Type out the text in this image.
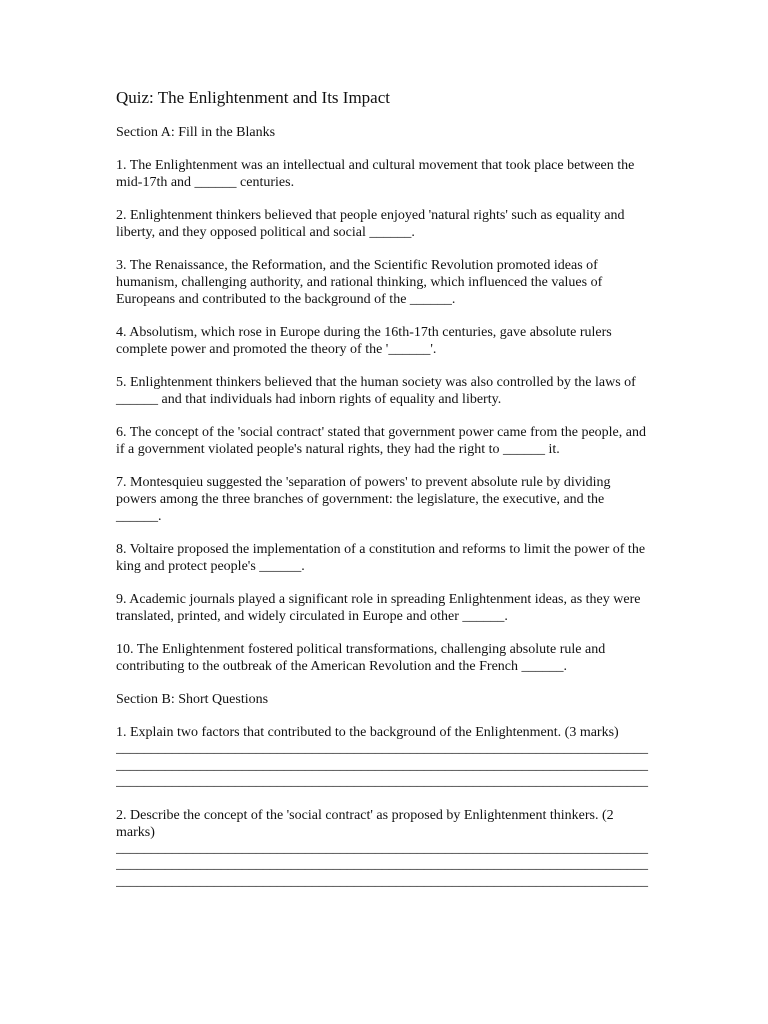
Quiz: The Enlightenment and Its Impact
Section A: Fill in the Blanks
1. The Enlightenment was an intellectual and cultural movement that took place between the mid-17th and ______ centuries.
2. Enlightenment thinkers believed that people enjoyed 'natural rights' such as equality and liberty, and they opposed political and social ______.
3. The Renaissance, the Reformation, and the Scientific Revolution promoted ideas of humanism, challenging authority, and rational thinking, which influenced the values of Europeans and contributed to the background of the ______.
4. Absolutism, which rose in Europe during the 16th-17th centuries, gave absolute rulers complete power and promoted the theory of the '______'.
5. Enlightenment thinkers believed that the human society was also controlled by the laws of ______ and that individuals had inborn rights of equality and liberty.
6. The concept of the 'social contract' stated that government power came from the people, and if a government violated people's natural rights, they had the right to ______ it.
7. Montesquieu suggested the 'separation of powers' to prevent absolute rule by dividing powers among the three branches of government: the legislature, the executive, and the ______.
8. Voltaire proposed the implementation of a constitution and reforms to limit the power of the king and protect people's ______.
9. Academic journals played a significant role in spreading Enlightenment ideas, as they were translated, printed, and widely circulated in Europe and other ______.
10. The Enlightenment fostered political transformations, challenging absolute rule and contributing to the outbreak of the American Revolution and the French ______.
Section B: Short Questions
1. Explain two factors that contributed to the background of the Enlightenment. (3 marks)
____________________________________________________________________________
____________________________________________________________________________
____________________________________________________________________________
2. Describe the concept of the 'social contract' as proposed by Enlightenment thinkers. (2 marks)
____________________________________________________________________________
____________________________________________________________________________
____________________________________________________________________________
